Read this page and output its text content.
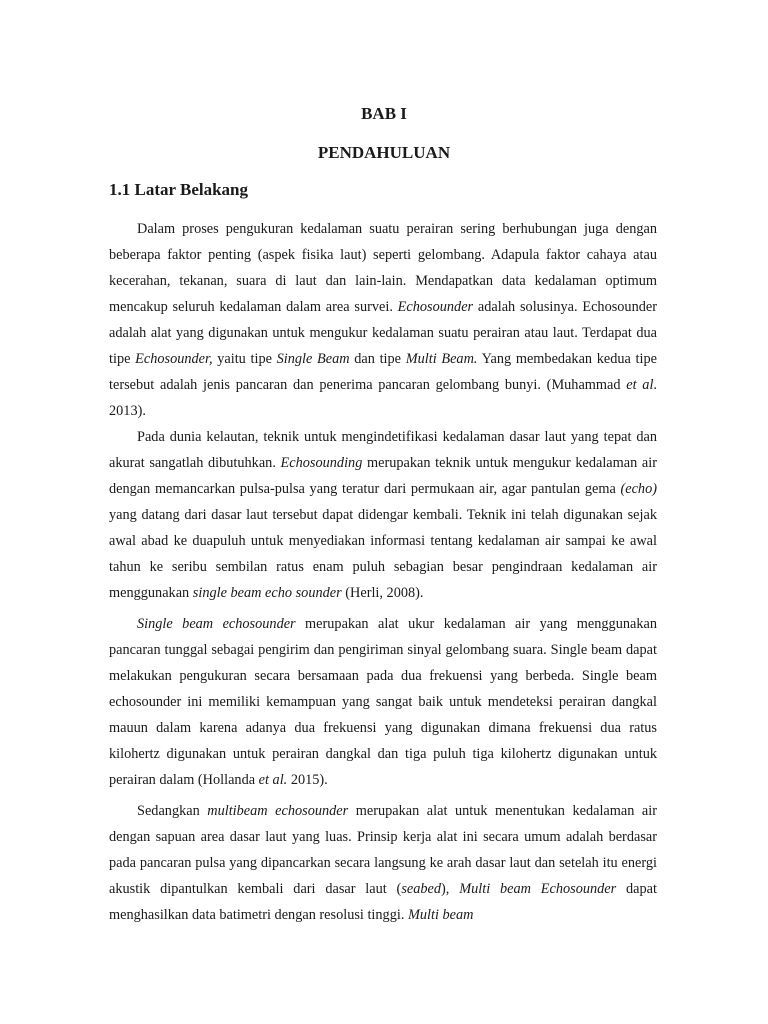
BAB I
PENDAHULUAN
1.1 Latar Belakang

Dalam proses pengukuran kedalaman suatu perairan sering berhubungan juga dengan beberapa faktor penting (aspek fisika laut) seperti gelombang. Adapula faktor cahaya atau kecerahan, tekanan, suara di laut dan lain-lain. Mendapatkan data kedalaman optimum mencakup seluruh kedalaman dalam area survei. Echosounder adalah solusinya. Echosounder adalah alat yang digunakan untuk mengukur kedalaman suatu perairan atau laut. Terdapat dua tipe Echosounder, yaitu tipe Single Beam dan tipe Multi Beam. Yang membedakan kedua tipe tersebut adalah jenis pancaran dan penerima pancaran gelombang bunyi. (Muhammad et al. 2013).

Pada dunia kelautan, teknik untuk mengindetifikasi kedalaman dasar laut yang tepat dan akurat sangatlah dibutuhkan. Echosounding merupakan teknik untuk mengukur kedalaman air dengan memancarkan pulsa-pulsa yang teratur dari permukaan air, agar pantulan gema (echo) yang datang dari dasar laut tersebut dapat didengar kembali. Teknik ini telah digunakan sejak awal abad ke duapuluh untuk menyediakan informasi tentang kedalaman air sampai ke awal tahun ke seribu sembilan ratus enam puluh sebagian besar pengindraan kedalaman air menggunakan single beam echo sounder (Herli, 2008).

Single beam echosounder merupakan alat ukur kedalaman air yang menggunakan pancaran tunggal sebagai pengirim dan pengiriman sinyal gelombang suara. Single beam dapat melakukan pengukuran secara bersamaan pada dua frekuensi yang berbeda. Single beam echosounder ini memiliki kemampuan yang sangat baik untuk mendeteksi perairan dangkal mauun dalam karena adanya dua frekuensi yang digunakan dimana frekuensi dua ratus kilohertz digunakan untuk perairan dangkal dan tiga puluh tiga kilohertz digunakan untuk perairan dalam (Hollanda et al. 2015).

Sedangkan multibeam echosounder merupakan alat untuk menentukan kedalaman air dengan sapuan area dasar laut yang luas. Prinsip kerja alat ini secara umum adalah berdasar pada pancaran pulsa yang dipancarkan secara langsung ke arah dasar laut dan setelah itu energi akustik dipantulkan kembali dari dasar laut (seabed), Multi beam Echosounder dapat menghasilkan data batimetri dengan resolusi tinggi. Multi beam
